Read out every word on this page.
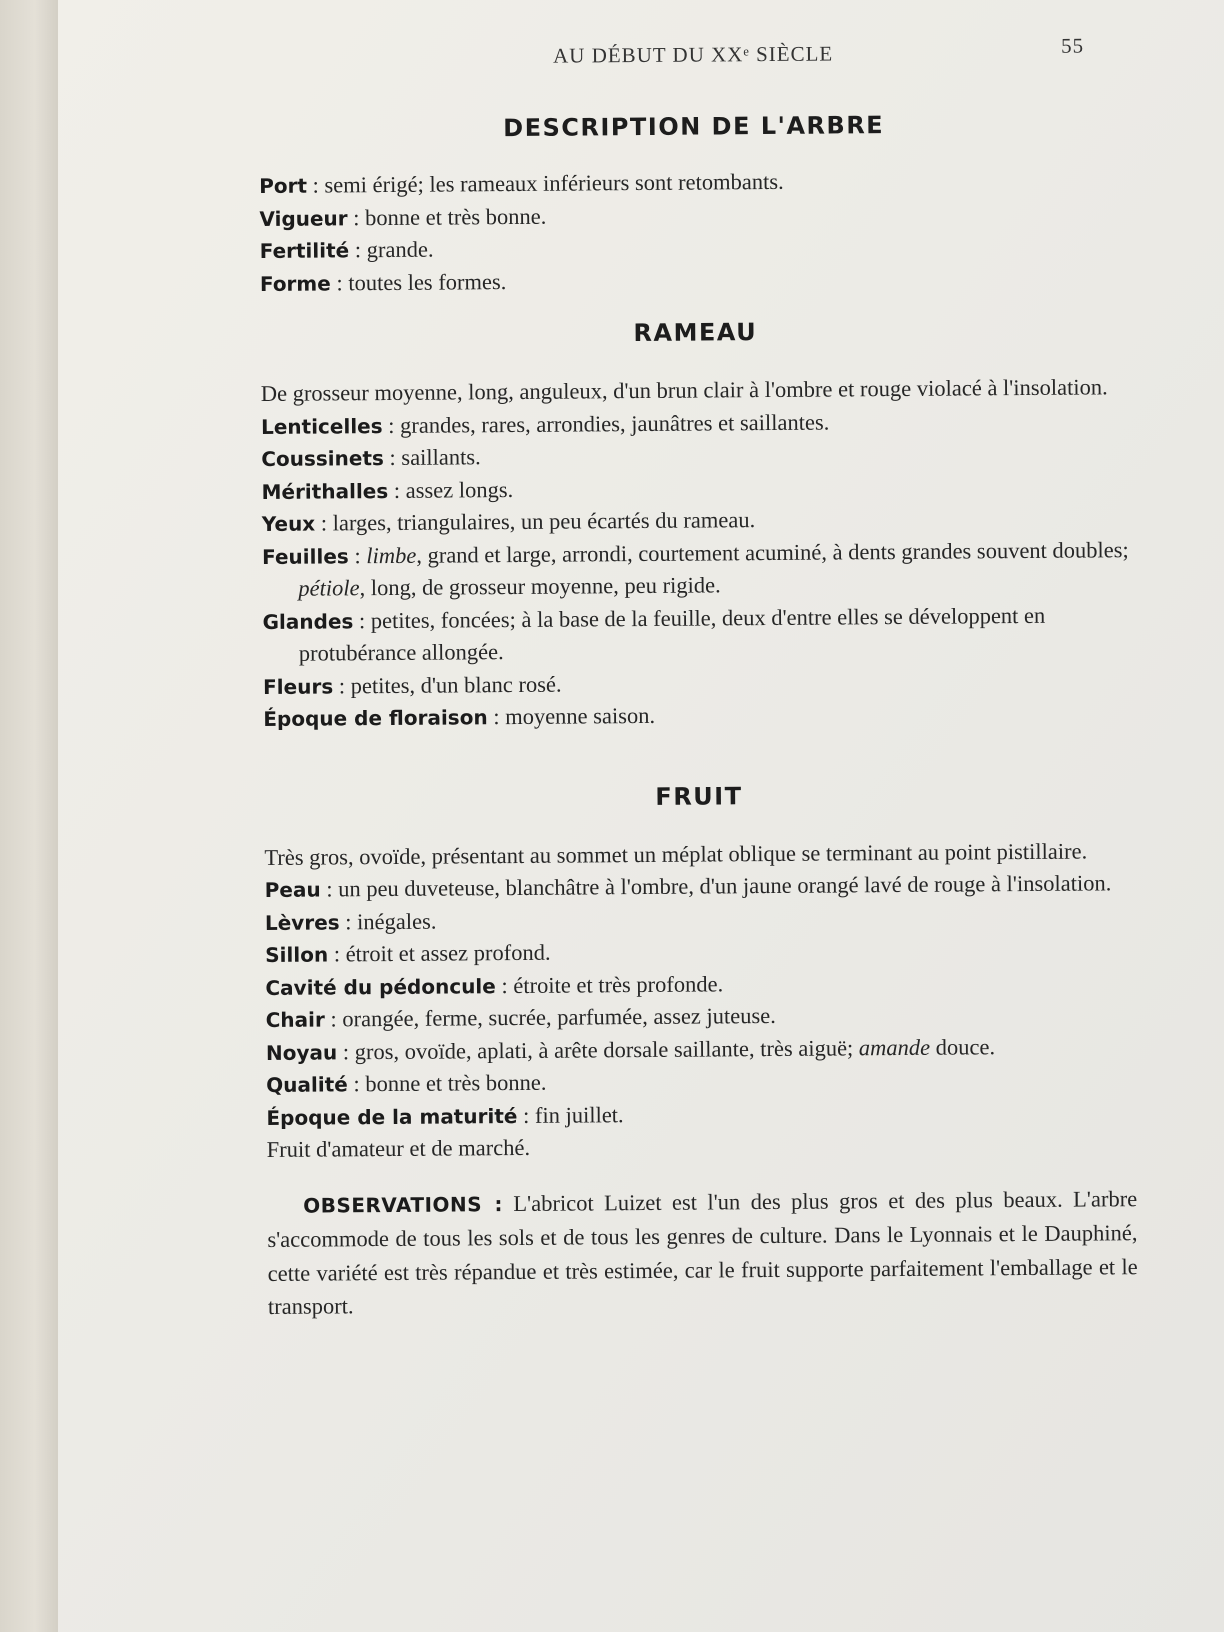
AU DÉBUT DU XXᵉ SIÈCLE	55
DESCRIPTION DE L'ARBRE

Port : semi érigé; les rameaux inférieurs sont retombants.

Vigueur : bonne et très bonne.

Fertilité : grande.

Forme : toutes les formes.

RAMEAU

De grosseur moyenne, long, anguleux, d'un brun clair à l'ombre et rouge violacé à l'insolation.

Lenticelles : grandes, rares, arrondies, jaunâtres et saillantes.

Coussinets : saillants.

Mérithalles : assez longs.

Yeux : larges, triangulaires, un peu écartés du rameau.

Feuilles : limbe, grand et large, arrondi, courtement acuminé, à dents grandes souvent doubles; pétiole, long, de grosseur moyenne, peu rigide.

Glandes : petites, foncées; à la base de la feuille, deux d'entre elles se développent en protubérance allongée.

Fleurs : petites, d'un blanc rosé.

Époque de floraison : moyenne saison.

FRUIT

Très gros, ovoïde, présentant au sommet un méplat oblique se terminant au point pistillaire.

Peau : un peu duveteuse, blanchâtre à l'ombre, d'un jaune orangé lavé de rouge à l'insolation.

Lèvres : inégales.

Sillon : étroit et assez profond.

Cavité du pédoncule : étroite et très profonde.

Chair : orangée, ferme, sucrée, parfumée, assez juteuse.

Noyau : gros, ovoïde, aplati, à arête dorsale saillante, très aiguë; amande douce.

Qualité : bonne et très bonne.

Époque de la maturité : fin juillet.

Fruit d'amateur et de marché.

OBSERVATIONS : L'abricot Luizet est l'un des plus gros et des plus beaux. L'arbre s'accommode de tous les sols et de tous les genres de culture. Dans le Lyonnais et le Dauphiné, cette variété est très répandue et très estimée, car le fruit supporte parfaitement l'emballage et le transport.
